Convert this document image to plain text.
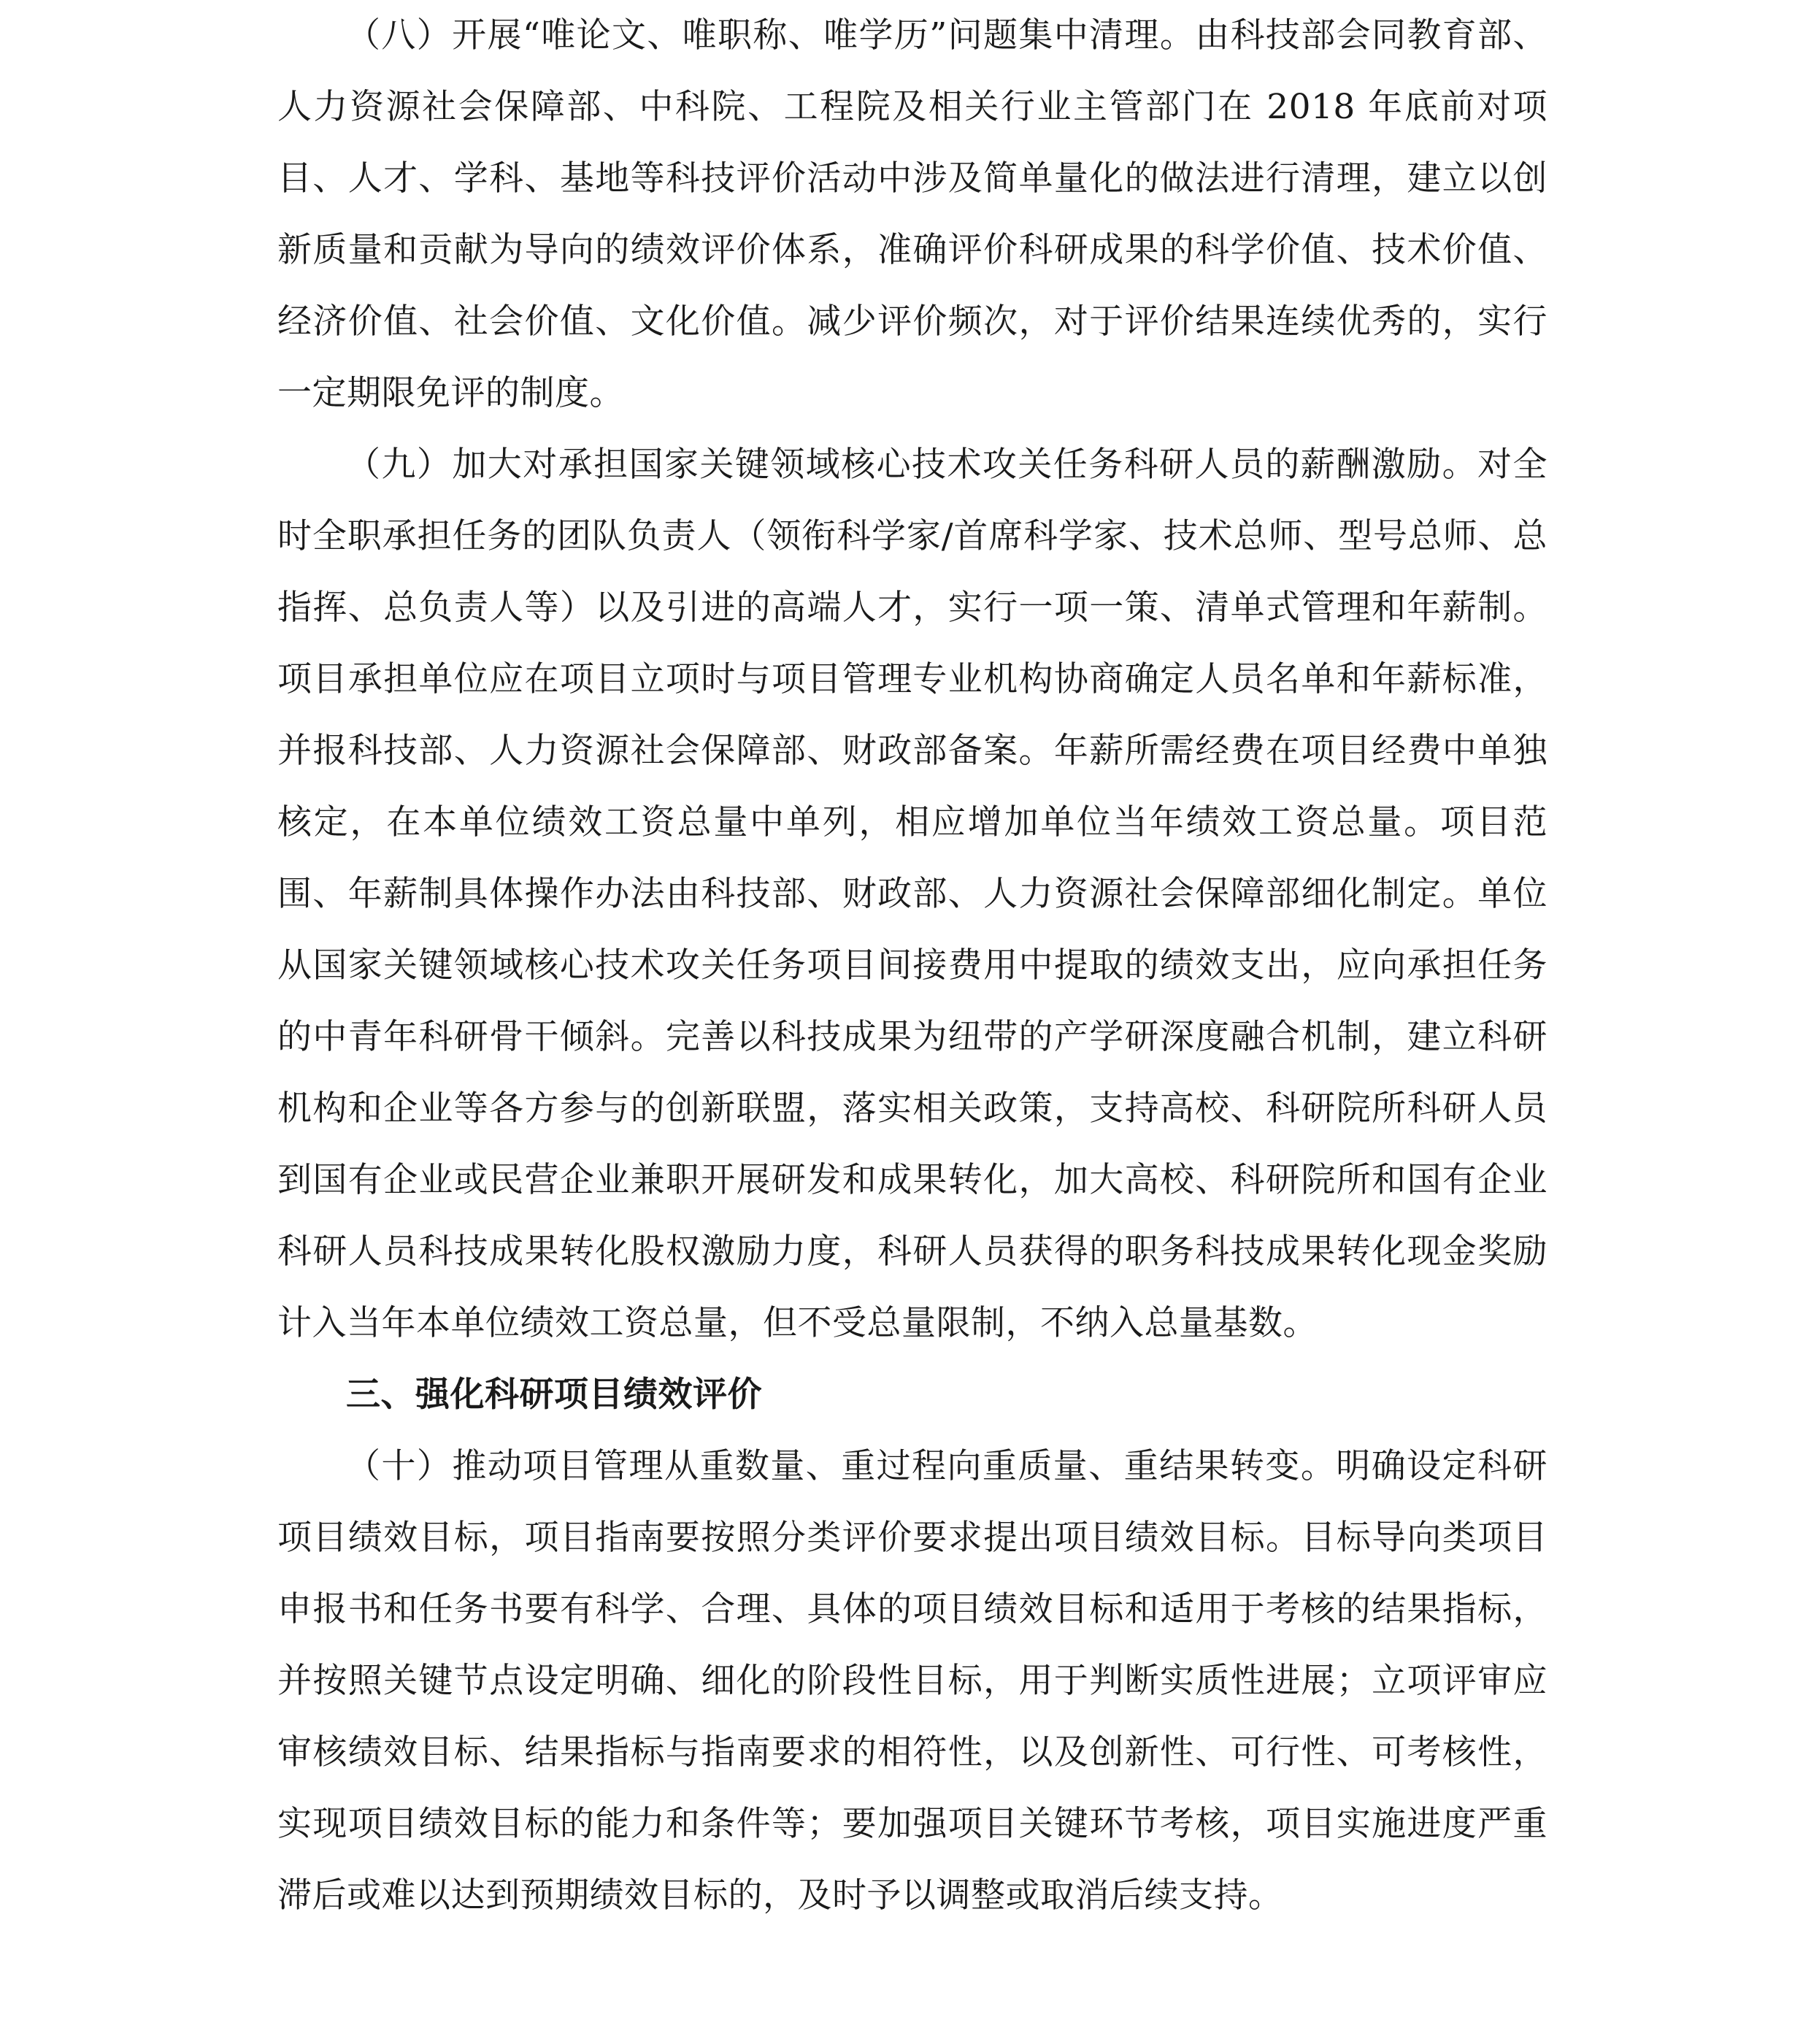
（八）开展“唯论文、唯职称、唯学历”问题集中清理。由科技部会同教育部、人力资源社会保障部、中科院、工程院及相关行业主管部门在 2018 年底前对项目、人才、学科、基地等科技评价活动中涉及简单量化的做法进行清理，建立以创新质量和贡献为导向的绩效评价体系，准确评价科研成果的科学价值、技术价值、经济价值、社会价值、文化价值。减少评价频次，对于评价结果连续优秀的，实行一定期限免评的制度。

（九）加大对承担国家关键领域核心技术攻关任务科研人员的薪酬激励。对全时全职承担任务的团队负责人（领衔科学家/首席科学家、技术总师、型号总师、总指挥、总负责人等）以及引进的高端人才，实行一项一策、清单式管理和年薪制。项目承担单位应在项目立项时与项目管理专业机构协商确定人员名单和年薪标准，并报科技部、人力资源社会保障部、财政部备案。年薪所需经费在项目经费中单独核定，在本单位绩效工资总量中单列，相应增加单位当年绩效工资总量。项目范围、年薪制具体操作办法由科技部、财政部、人力资源社会保障部细化制定。单位从国家关键领域核心技术攻关任务项目间接费用中提取的绩效支出，应向承担任务的中青年科研骨干倾斜。完善以科技成果为纽带的产学研深度融合机制，建立科研机构和企业等各方参与的创新联盟，落实相关政策，支持高校、科研院所科研人员到国有企业或民营企业兼职开展研发和成果转化，加大高校、科研院所和国有企业科研人员科技成果转化股权激励力度，科研人员获得的职务科技成果转化现金奖励计入当年本单位绩效工资总量，但不受总量限制，不纳入总量基数。

三、强化科研项目绩效评价

（十）推动项目管理从重数量、重过程向重质量、重结果转变。明确设定科研项目绩效目标，项目指南要按照分类评价要求提出项目绩效目标。目标导向类项目申报书和任务书要有科学、合理、具体的项目绩效目标和适用于考核的结果指标，并按照关键节点设定明确、细化的阶段性目标，用于判断实质性进展；立项评审应审核绩效目标、结果指标与指南要求的相符性，以及创新性、可行性、可考核性，实现项目绩效目标的能力和条件等；要加强项目关键环节考核，项目实施进度严重滞后或难以达到预期绩效目标的，及时予以调整或取消后续支持。
